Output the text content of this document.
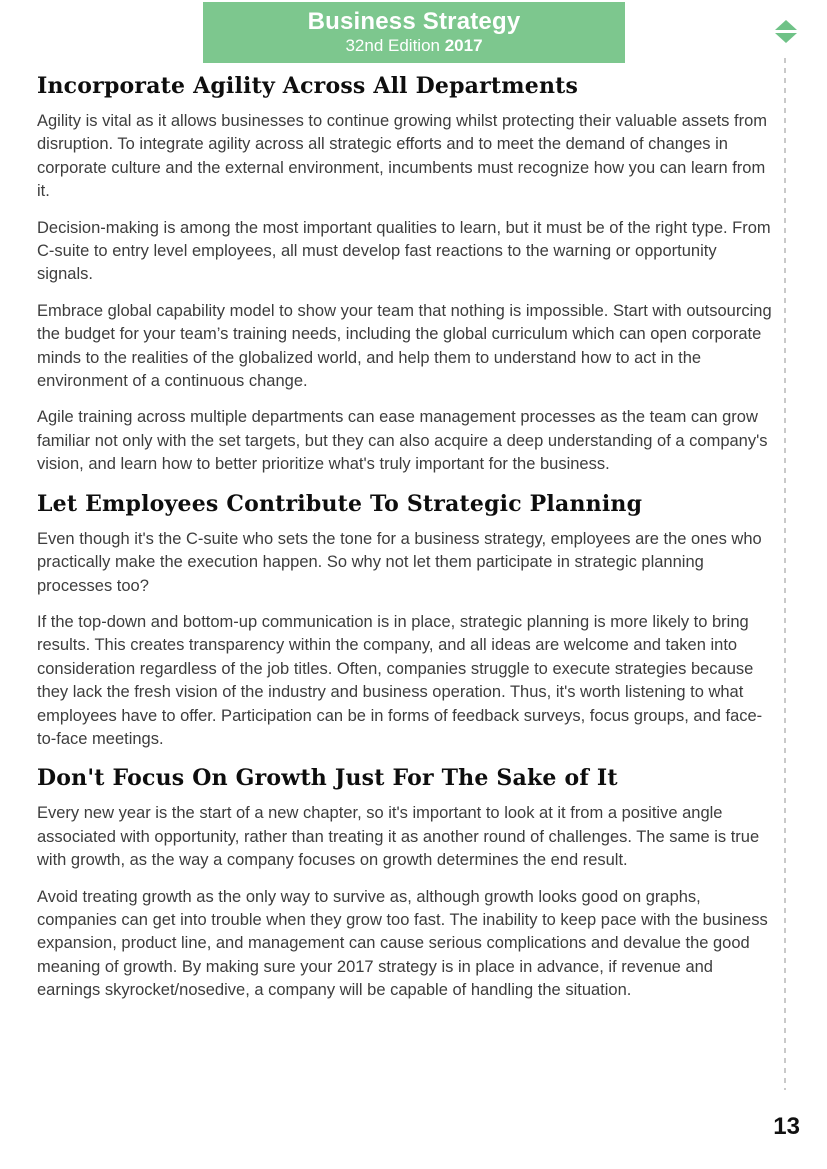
Business Strategy
32nd Edition 2017
Incorporate Agility Across All Departments

Agility is vital as it allows businesses to continue growing whilst protecting their valuable assets from disruption. To integrate agility across all strategic efforts and to meet the demand of changes in corporate culture and the external environment, incumbents must recognize how you can learn from it.

Decision-making is among the most important qualities to learn, but it must be of the right type. From C-suite to entry level employees, all must develop fast reactions to the warning or opportunity signals.

Embrace global capability model to show your team that nothing is impossible. Start with outsourcing the budget for your team’s training needs, including the global curriculum which can open corporate minds to the realities of the globalized world, and help them to understand how to act in the environment of a continuous change.

Agile training across multiple departments can ease management processes as the team can grow familiar not only with the set targets, but they can also acquire a deep understanding of a company's vision, and learn how to better prioritize what's truly important for the business.

Let Employees Contribute To Strategic Planning

Even though it's the C-suite who sets the tone for a business strategy, employees are the ones who practically make the execution happen. So why not let them participate in strategic planning processes too?

If the top-down and bottom-up communication is in place, strategic planning is more likely to bring results. This creates transparency within the company, and all ideas are welcome and taken into consideration regardless of the job titles. Often, companies struggle to execute strategies because they lack the fresh vision of the industry and business operation. Thus, it's worth listening to what employees have to offer. Participation can be in forms of feedback surveys, focus groups, and face-to-face meetings.

Don't Focus On Growth Just For The Sake of It

Every new year is the start of a new chapter, so it's important to look at it from a positive angle associated with opportunity, rather than treating it as another round of challenges. The same is true with growth, as the way a company focuses on growth determines the end result.

Avoid treating growth as the only way to survive as, although growth looks good on graphs, companies can get into trouble when they grow too fast. The inability to keep pace with the business expansion, product line, and management can cause serious complications and devalue the good meaning of growth. By making sure your 2017 strategy is in place in advance, if revenue and earnings skyrocket/nosedive, a company will be capable of handling the situation.

13
